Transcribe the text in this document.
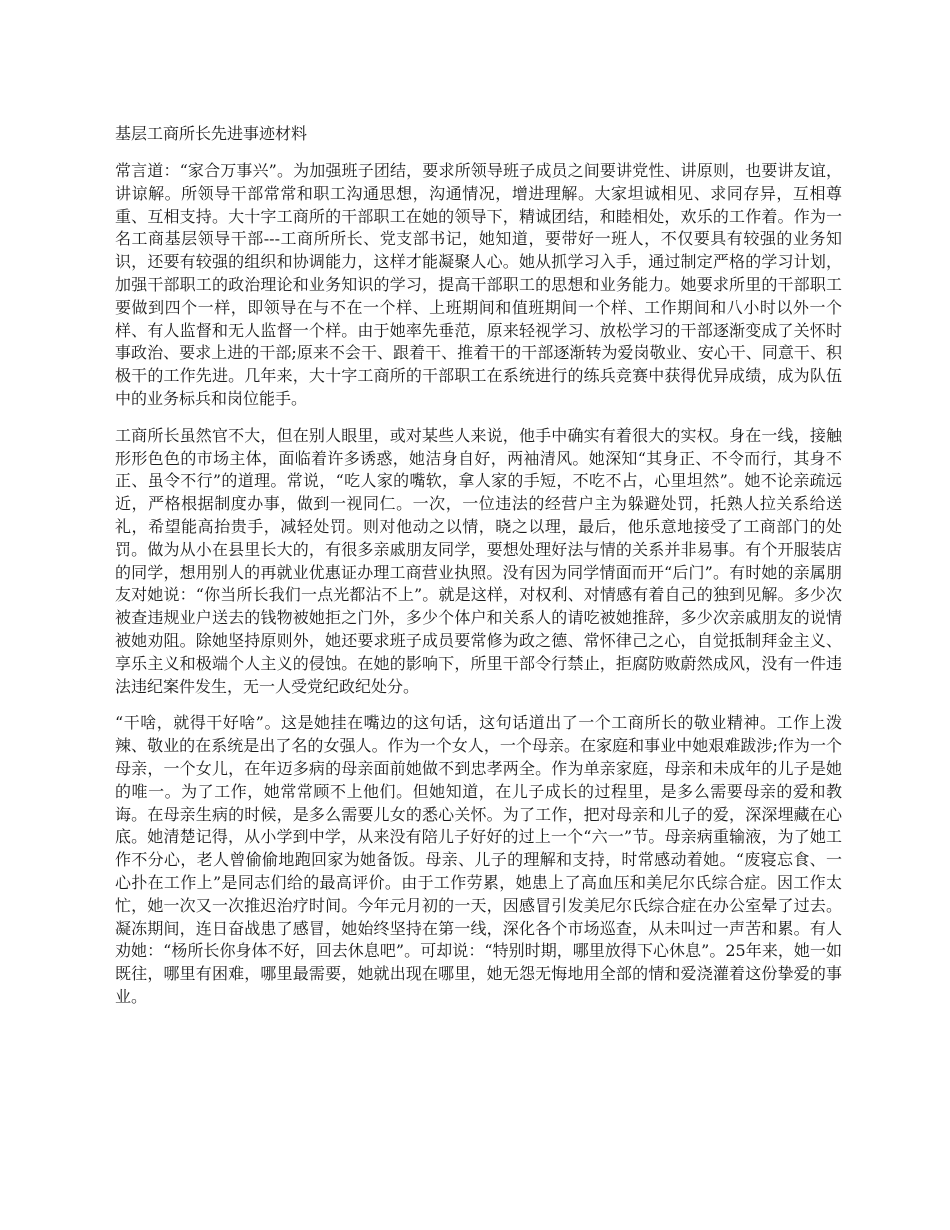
基层工商所长先进事迹材料

常言道：“家合万事兴”。为加强班子团结，要求所领导班子成员之间要讲党性、讲原则，也要讲友谊，讲谅解。所领导干部常常和职工沟通思想，沟通情况，增进理解。大家坦诚相见、求同存异，互相尊重、互相支持。大十字工商所的干部职工在她的领导下，精诚团结，和睦相处，欢乐的工作着。作为一名工商基层领导干部---工商所所长、党支部书记，她知道，要带好一班人，不仅要具有较强的业务知识，还要有较强的组织和协调能力，这样才能凝聚人心。她从抓学习入手，通过制定严格的学习计划，加强干部职工的政治理论和业务知识的学习，提高干部职工的思想和业务能力。她要求所里的干部职工要做到四个一样，即领导在与不在一个样、上班期间和值班期间一个样、工作期间和八小时以外一个样、有人监督和无人监督一个样。由于她率先垂范，原来轻视学习、放松学习的干部逐渐变成了关怀时事政治、要求上进的干部;原来不会干、跟着干、推着干的干部逐渐转为爱岗敬业、安心干、同意干、积极干的工作先进。几年来，大十字工商所的干部职工在系统进行的练兵竞赛中获得优异成绩，成为队伍中的业务标兵和岗位能手。

工商所长虽然官不大，但在别人眼里，或对某些人来说，他手中确实有着很大的实权。身在一线，接触形形色色的市场主体，面临着许多诱惑，她洁身自好，两袖清风。她深知“其身正、不令而行，其身不正、虽令不行”的道理。常说，“吃人家的嘴软，拿人家的手短，不吃不占，心里坦然”。她不论亲疏远近，严格根据制度办事，做到一视同仁。一次，一位违法的经营户主为躲避处罚，托熟人拉关系给送礼，希望能高抬贵手，减轻处罚。则对他动之以情，晓之以理，最后，他乐意地接受了工商部门的处罚。做为从小在县里长大的，有很多亲戚朋友同学，要想处理好法与情的关系并非易事。有个开服装店的同学，想用别人的再就业优惠证办理工商营业执照。没有因为同学情面而开“后门”。有时她的亲属朋友对她说：“你当所长我们一点光都沾不上”。就是这样，对权利、对情感有着自己的独到见解。多少次被查违规业户送去的钱物被她拒之门外，多少个体户和关系人的请吃被她推辞，多少次亲戚朋友的说情被她劝阻。除她坚持原则外，她还要求班子成员要常修为政之德、常怀律己之心，自觉抵制拜金主义、享乐主义和极端个人主义的侵蚀。在她的影响下，所里干部令行禁止，拒腐防败蔚然成风，没有一件违法违纪案件发生，无一人受党纪政纪处分。

“干啥，就得干好啥”。这是她挂在嘴边的这句话，这句话道出了一个工商所长的敬业精神。工作上泼辣、敬业的在系统是出了名的女强人。作为一个女人，一个母亲。在家庭和事业中她艰难跋涉;作为一个母亲，一个女儿，在年迈多病的母亲面前她做不到忠孝两全。作为单亲家庭，母亲和未成年的儿子是她的唯一。为了工作，她常常顾不上他们。但她知道，在儿子成长的过程里，是多么需要母亲的爱和教诲。在母亲生病的时候，是多么需要儿女的悉心关怀。为了工作，把对母亲和儿子的爱，深深埋藏在心底。她清楚记得，从小学到中学，从来没有陪儿子好好的过上一个“六一”节。母亲病重输液，为了她工作不分心，老人曾偷偷地跑回家为她备饭。母亲、儿子的理解和支持，时常感动着她。“废寝忘食、一心扑在工作上”是同志们给的最高评价。由于工作劳累，她患上了高血压和美尼尔氏综合症。因工作太忙，她一次又一次推迟治疗时间。今年元月初的一天，因感冒引发美尼尔氏综合症在办公室晕了过去。凝冻期间，连日奋战患了感冒，她始终坚持在第一线，深化各个市场巡查，从未叫过一声苦和累。有人劝她：“杨所长你身体不好，回去休息吧”。可却说：“特别时期，哪里放得下心休息”。25年来，她一如既往，哪里有困难，哪里最需要，她就出现在哪里，她无怨无悔地用全部的情和爱浇灌着这份挚爱的事业。
